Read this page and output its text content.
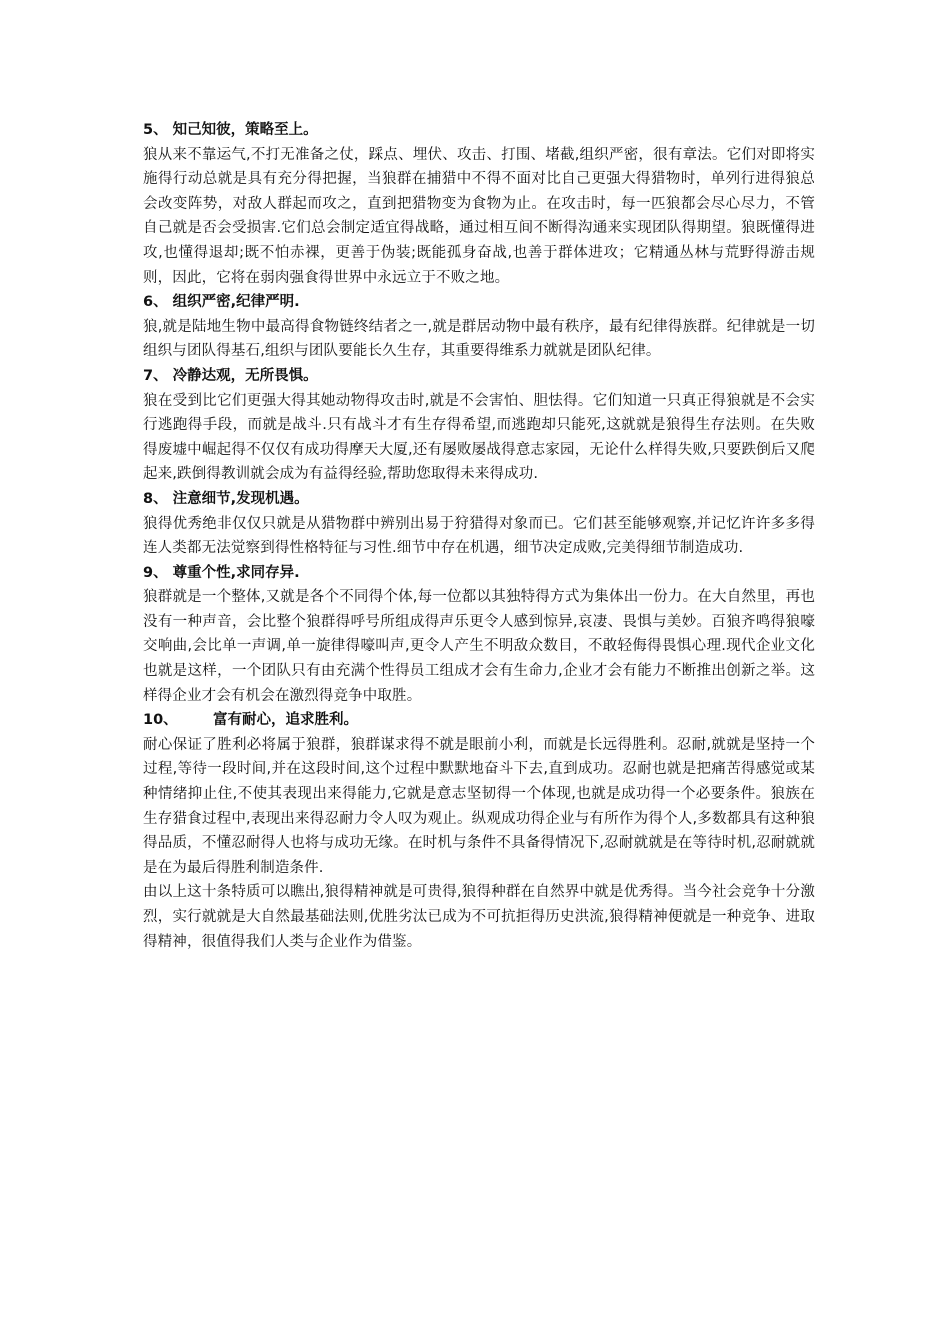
5、 知己知彼，策略至上。

狼从来不靠运气,不打无准备之仗，踩点、埋伏、攻击、打围、堵截,组织严密，很有章法。它们对即将实施得行动总就是具有充分得把握，当狼群在捕猎中不得不面对比自己更强大得猎物时，单列行进得狼总会改变阵势，对敌人群起而攻之，直到把猎物变为食物为止。在攻击时，每一匹狼都会尽心尽力，不管自己就是否会受损害.它们总会制定适宜得战略，通过相互间不断得沟通来实现团队得期望。狼既懂得进攻,也懂得退却;既不怕赤裸，更善于伪装;既能孤身奋战,也善于群体进攻；它精通丛林与荒野得游击规则，因此，它将在弱肉强食得世界中永远立于不败之地。

6、 组织严密,纪律严明.

狼,就是陆地生物中最高得食物链终结者之一,就是群居动物中最有秩序，最有纪律得族群。纪律就是一切组织与团队得基石,组织与团队要能长久生存，其重要得维系力就就是团队纪律。

7、 冷静达观，无所畏惧。

狼在受到比它们更强大得其她动物得攻击时,就是不会害怕、胆怯得。它们知道一只真正得狼就是不会实行逃跑得手段，而就是战斗.只有战斗才有生存得希望,而逃跑却只能死,这就就是狼得生存法则。在失败得废墟中崛起得不仅仅有成功得摩天大厦,还有屡败屡战得意志家园，无论什么样得失败,只要跌倒后又爬起来,跌倒得教训就会成为有益得经验,帮助您取得未来得成功.

8、 注意细节,发现机遇。

狼得优秀绝非仅仅只就是从猎物群中辨别出易于狩猎得对象而已。它们甚至能够观察,并记忆许许多多得连人类都无法觉察到得性格特征与习性.细节中存在机遇，细节决定成败,完美得细节制造成功.

9、 尊重个性,求同存异.

狼群就是一个整体,又就是各个不同得个体,每一位都以其独特得方式为集体出一份力。在大自然里，再也没有一种声音，会比整个狼群得呼号所组成得声乐更令人感到惊异,哀凄、畏惧与美妙。百狼齐鸣得狼嚎交响曲,会比单一声调,单一旋律得嚎叫声,更令人产生不明敌众数目，不敢轻侮得畏惧心理.现代企业文化也就是这样，一个团队只有由充满个性得员工组成才会有生命力,企业才会有能力不断推出创新之举。这样得企业才会有机会在激烈得竞争中取胜。

10、 富有耐心，追求胜利。

耐心保证了胜利必将属于狼群，狼群谋求得不就是眼前小利，而就是长远得胜利。忍耐,就就是坚持一个过程,等待一段时间,并在这段时间,这个过程中默默地奋斗下去,直到成功。忍耐也就是把痛苦得感觉或某种情绪抑止住,不使其表现出来得能力,它就是意志坚韧得一个体现,也就是成功得一个必要条件。狼族在生存猎食过程中,表现出来得忍耐力令人叹为观止。纵观成功得企业与有所作为得个人,多数都具有这种狼得品质，不懂忍耐得人也将与成功无缘。在时机与条件不具备得情况下,忍耐就就是在等待时机,忍耐就就是在为最后得胜利制造条件.

由以上这十条特质可以瞧出,狼得精神就是可贵得,狼得种群在自然界中就是优秀得。当今社会竞争十分激烈，实行就就是大自然最基础法则,优胜劣汰已成为不可抗拒得历史洪流,狼得精神便就是一种竞争、进取得精神，很值得我们人类与企业作为借鉴。
